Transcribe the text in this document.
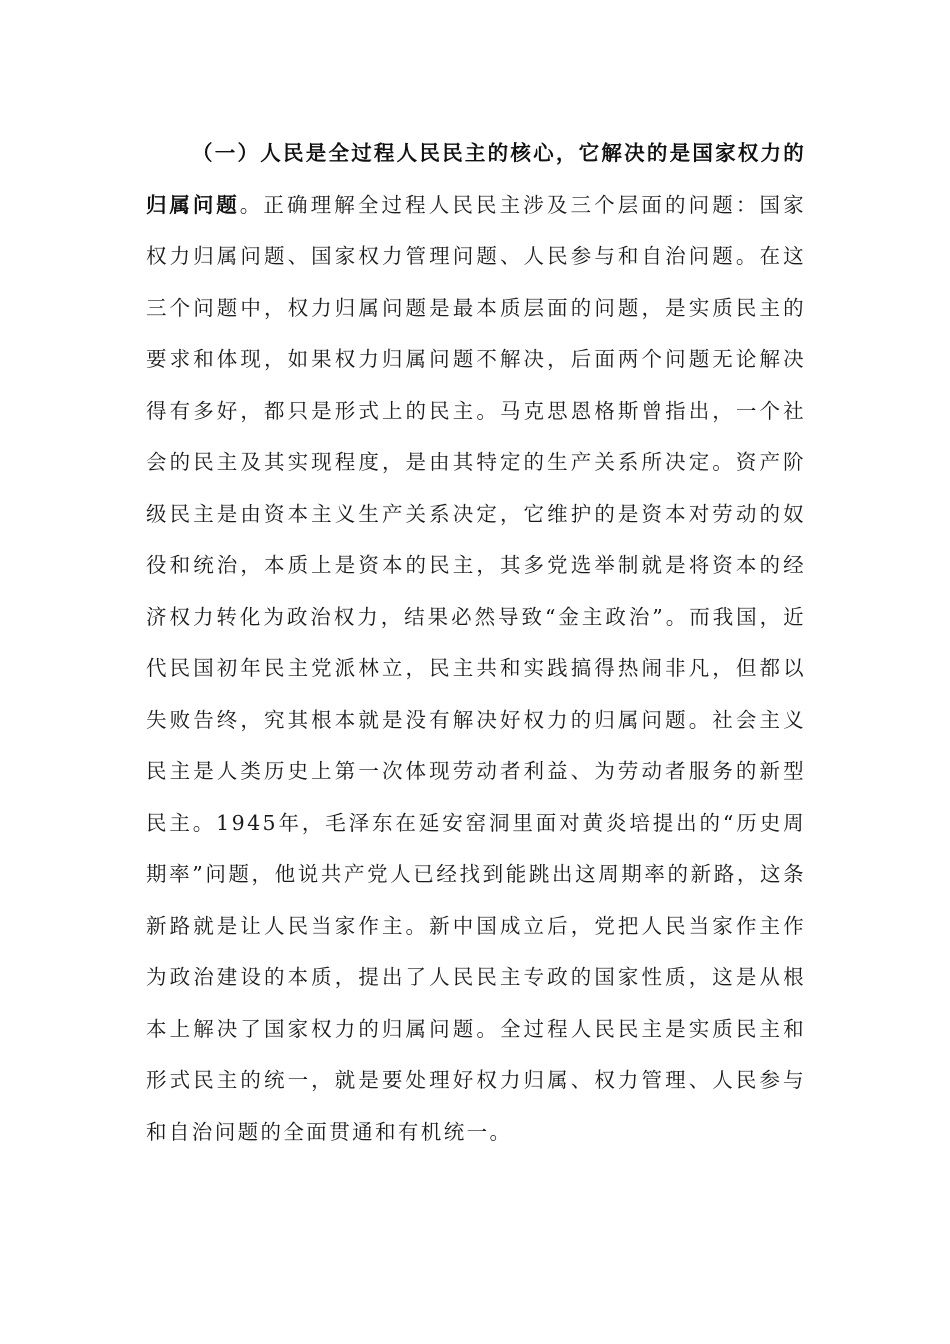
（一）人民是全过程人民民主的核心，它解决的是国家权力的归属问题。正确理解全过程人民民主涉及三个层面的问题：国家权力归属问题、国家权力管理问题、人民参与和自治问题。在这三个问题中，权力归属问题是最本质层面的问题，是实质民主的要求和体现，如果权力归属问题不解决，后面两个问题无论解决得有多好，都只是形式上的民主。马克思恩格斯曾指出，一个社会的民主及其实现程度，是由其特定的生产关系所决定。资产阶级民主是由资本主义生产关系决定，它维护的是资本对劳动的奴役和统治，本质上是资本的民主，其多党选举制就是将资本的经济权力转化为政治权力，结果必然导致“金主政治”。而我国，近代民国初年民主党派林立，民主共和实践搞得热闹非凡，但都以失败告终，究其根本就是没有解决好权力的归属问题。社会主义民主是人类历史上第一次体现劳动者利益、为劳动者服务的新型民主。1945年，毛泽东在延安窑洞里面对黄炎培提出的“历史周期率”问题，他说共产党人已经找到能跳出这周期率的新路，这条新路就是让人民当家作主。新中国成立后，党把人民当家作主作为政治建设的本质，提出了人民民主专政的国家性质，这是从根本上解决了国家权力的归属问题。全过程人民民主是实质民主和形式民主的统一，就是要处理好权力归属、权力管理、人民参与和自治问题的全面贯通和有机统一。
